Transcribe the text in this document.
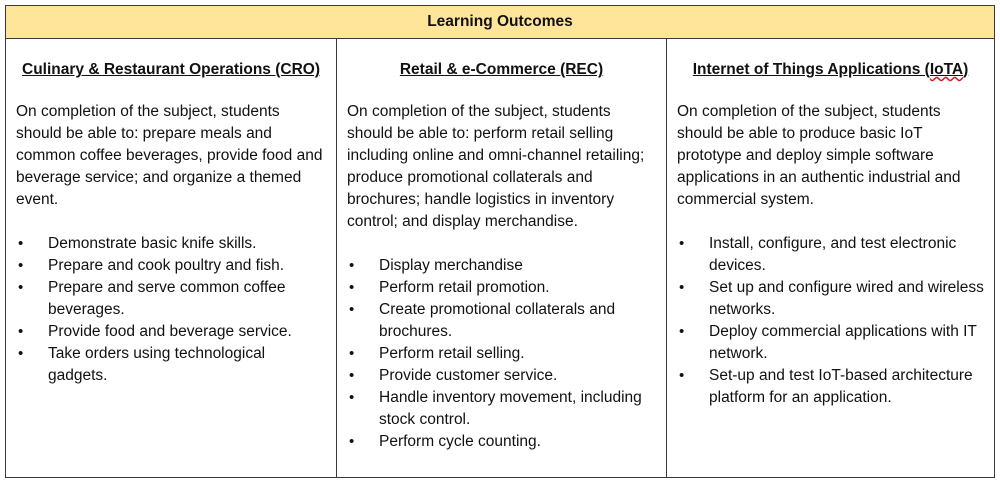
Learning Outcomes
Culinary & Restaurant Operations (CRO)

On completion of the subject, students should be able to: prepare meals and common coffee beverages, provide food and beverage service; and organize a themed event.

• Demonstrate basic knife skills.
• Prepare and cook poultry and fish.
• Prepare and serve common coffee beverages.
• Provide food and beverage service.
• Take orders using technological gadgets.
Retail & e-Commerce (REC)

On completion of the subject, students should be able to: perform retail selling including online and omni-channel retailing; produce promotional collaterals and brochures; handle logistics in inventory control; and display merchandise.

• Display merchandise
• Perform retail promotion.
• Create promotional collaterals and brochures.
• Perform retail selling.
• Provide customer service.
• Handle inventory movement, including stock control.
• Perform cycle counting.
Internet of Things Applications (IoTA)

On completion of the subject, students should be able to produce basic IoT prototype and deploy simple software applications in an authentic industrial and commercial system.

• Install, configure, and test electronic devices.
• Set up and configure wired and wireless networks.
• Deploy commercial applications with IT network.
• Set-up and test IoT-based architecture platform for an application.
